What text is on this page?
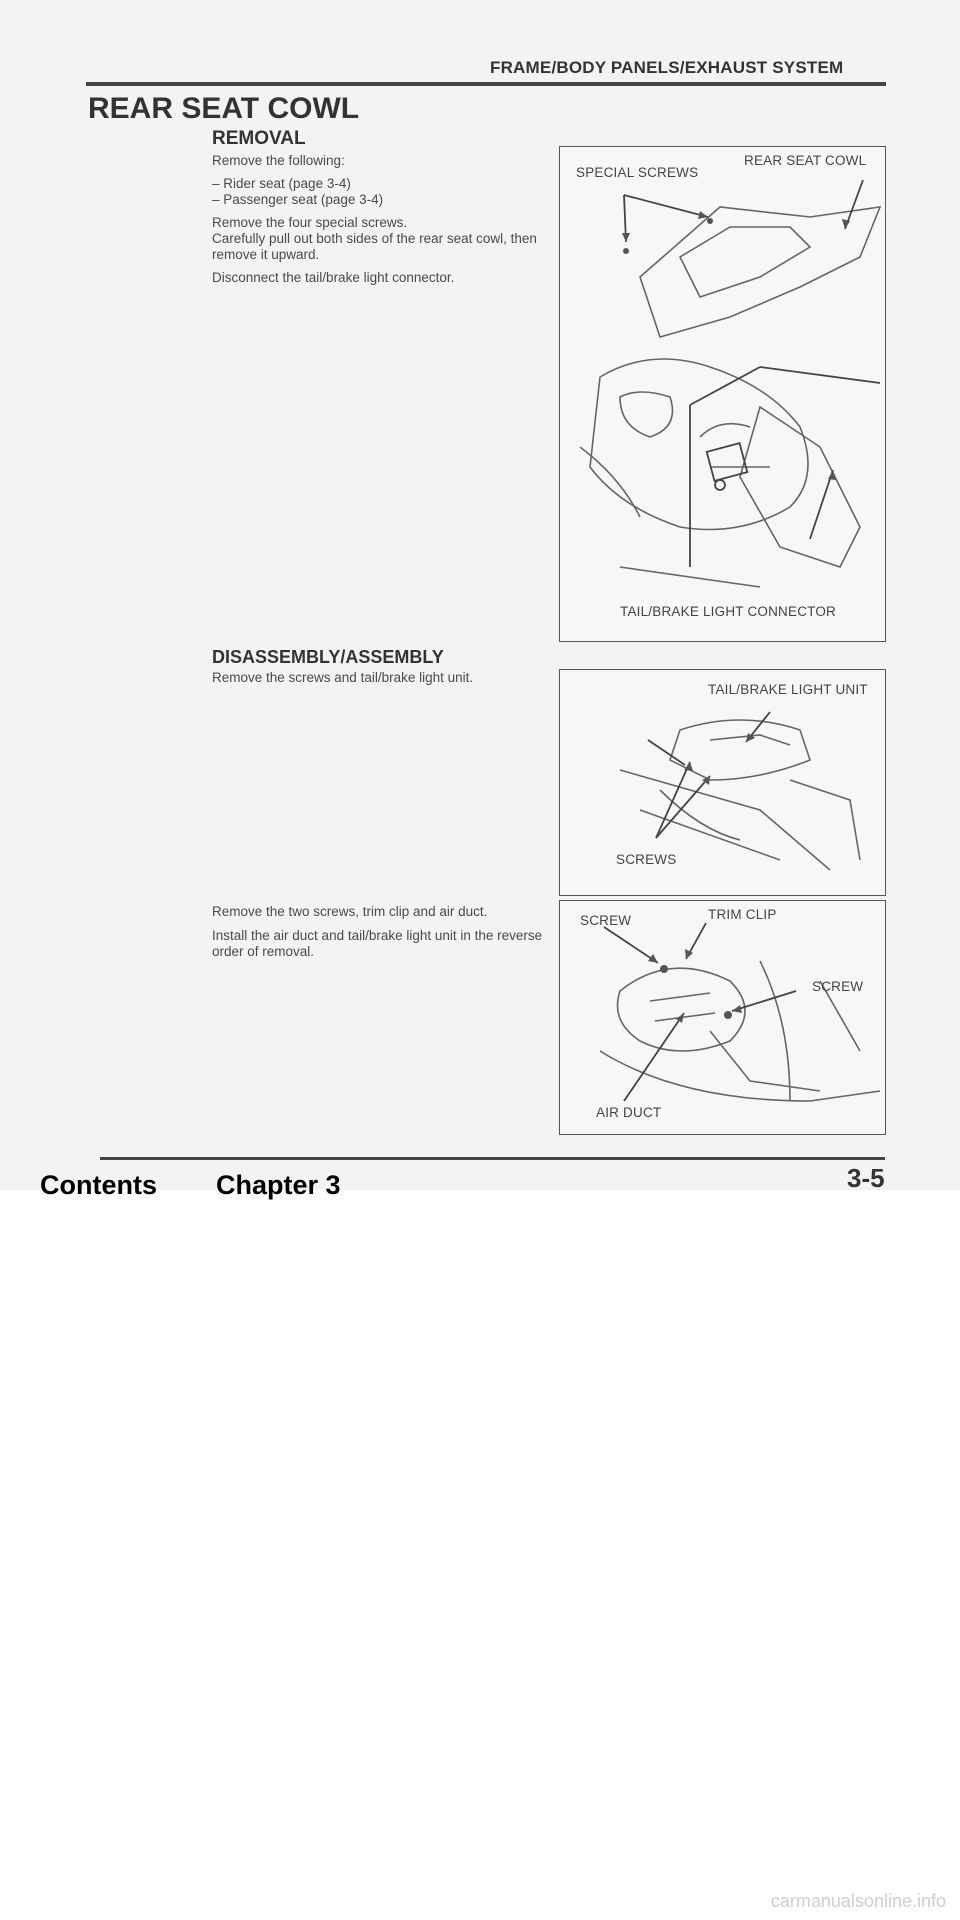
FRAME/BODY PANELS/EXHAUST SYSTEM
REAR SEAT COWL
REMOVAL

Remove the following:

– Rider seat (page 3-4)
– Passenger seat (page 3-4)

Remove the four special screws.

Carefully pull out both sides of the rear seat cowl, then remove it upward.

Disconnect the tail/brake light connector.

SPECIAL SCREWS
REAR SEAT COWL
TAIL/BRAKE LIGHT CONNECTOR
DISASSEMBLY/ASSEMBLY
Remove the screws and tail/brake light unit.
TAIL/BRAKE LIGHT UNIT
SCREWS

Remove the two screws, trim clip and air duct.

Install the air duct and tail/brake light unit in the reverse order of removal.

SCREW	TRIM CLIP
SCREW
AIR DUCT
3-5
Contents Chapter 3
carmanualsonline.info
